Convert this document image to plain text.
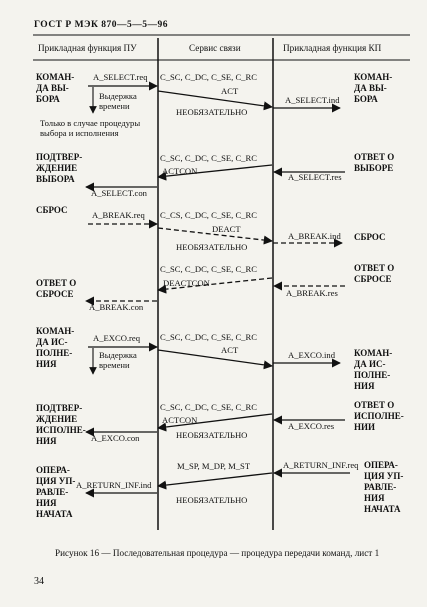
ГОСТ Р МЭК 870—5—5—96
Прикладная функция ПУ	Сервис связи	Прикладная функция КП
КОМАН-
ДА ВЫ-
БОРА
A_SELECT.req
Выдержка
времени
Только в случае процедуры
выбора и исполнения
C_SC, C_DC, C_SE, C_RC
ACT
НЕОБЯЗАТЕЛЬНО
A_SELECT.ind
КОМАН-
ДА ВЫ-
БОРА
C_SC, C_DC, C_SE, C_RC
ACTCON
ОТВЕТ О
ВЫБОРЕ
A_SELECT.res
ПОДТВЕР-
ЖДЕНИЕ
ВЫБОРА
A_SELECT.con
СБРОС	A_BREAK.req C_CS, C_DC, C_SE, C_RC
DEACT
НЕОБЯЗАТЕЛЬНО
A_BREAK.ind СБРОС
C_SC, C_DC, C_SE, C_RC
DEACTCON
ОТВЕТ О
СБРОСЕ
A_BREAK.res
ОТВЕТ О
СБРОСЕ
A_BREAK.con
КОМАН-
ДА ИС-
ПОЛНЕ-
НИЯ
A_EXCO.req
Выдержка
времени
C_SC, C_DC, C_SE, C_RC
ACT	A_EXCO.ind КОМАН-
ДА ИС-
ПОЛНЕ-
НИЯ
C_SC, C_DC, C_SE, C_RC
ACTCON
НЕОБЯЗАТЕЛЬНО
ОТВЕТ О
ИСПОЛНЕ-
НИИ
A_EXCO.res
ПОДТВЕР-
ЖДЕНИЕ
ИСПОЛНЕ-
НИЯ	A_EXCO.con
M_SP, M_DP, M_ST	A_RETURN_INF.req ОПЕРА-
ЦИЯ УП-
РАВЛЕ-
НИЯ
НАЧАТА
A_RETURN_INF.ind
НЕОБЯЗАТЕЛЬНО
ОПЕРА-
ЦИЯ УП-
РАВЛЕ-
НИЯ
НАЧАТА
Рисунок 16 — Последовательная процедура — процедура передачи команд, лист 1
34
